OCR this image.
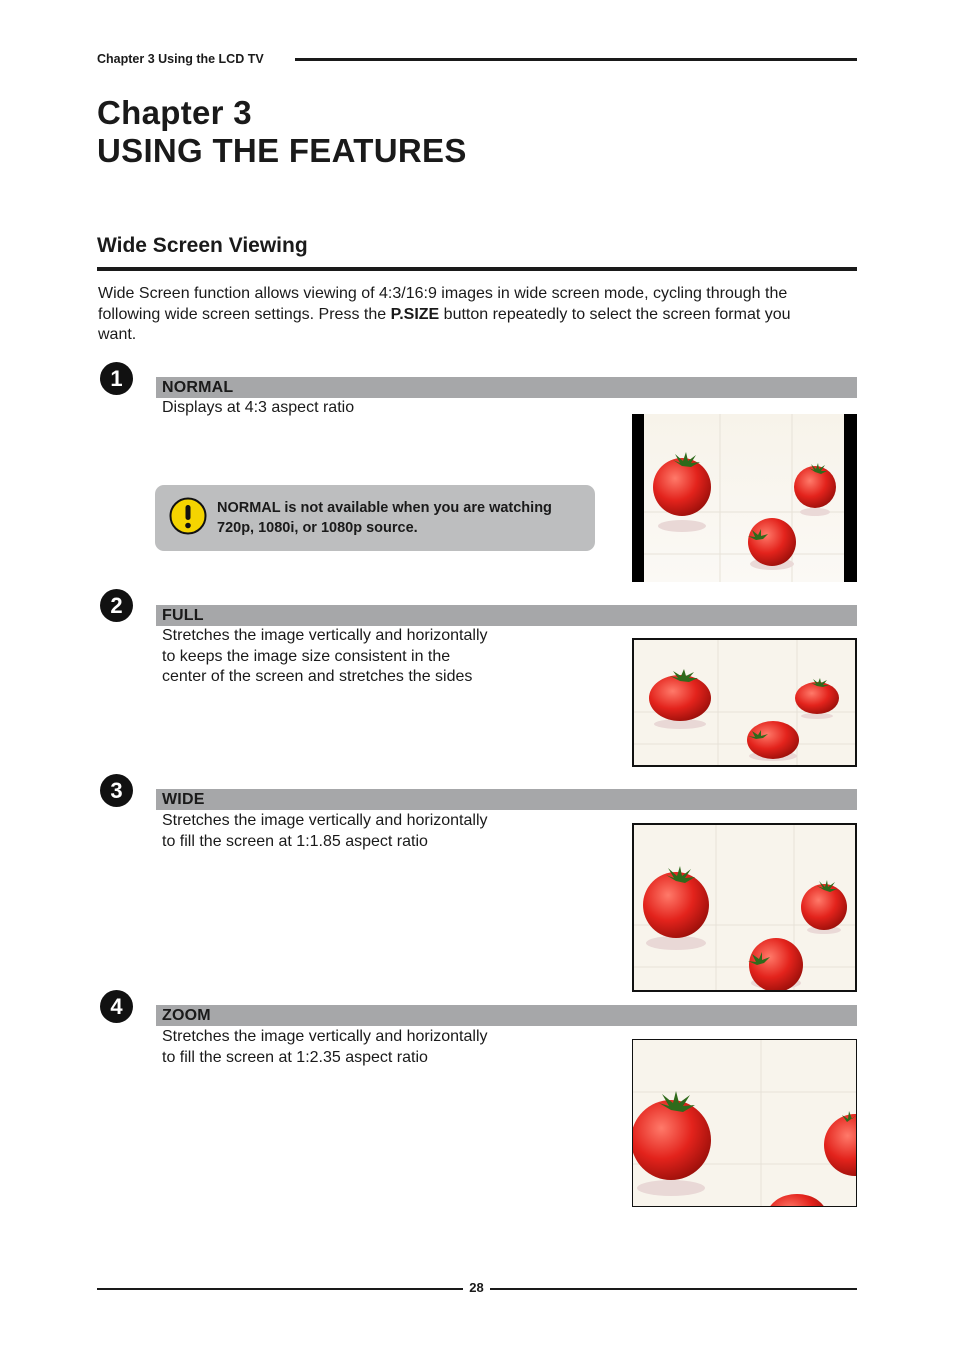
Chapter 3 Using the LCD TV
Chapter 3
USING THE FEATURES
Wide Screen Viewing
Wide Screen function allows viewing of 4:3/16:9 images in wide screen mode, cycling through the following wide screen settings. Press the P.SIZE button repeatedly to select the screen format you want.
1	NORMAL
Displays at 4:3 aspect ratio
NORMAL is not available when you are watching 720p, 1080i, or 1080p source.
2	FULL
Stretches the image vertically and horizontally to keeps the image size consistent in the center of the screen and stretches the sides
3	WIDE
Stretches the image vertically and horizontally to fill the screen at 1:1.85 aspect ratio
4	ZOOM
Stretches the image vertically and horizontally to fill the screen at 1:2.35 aspect ratio
28
